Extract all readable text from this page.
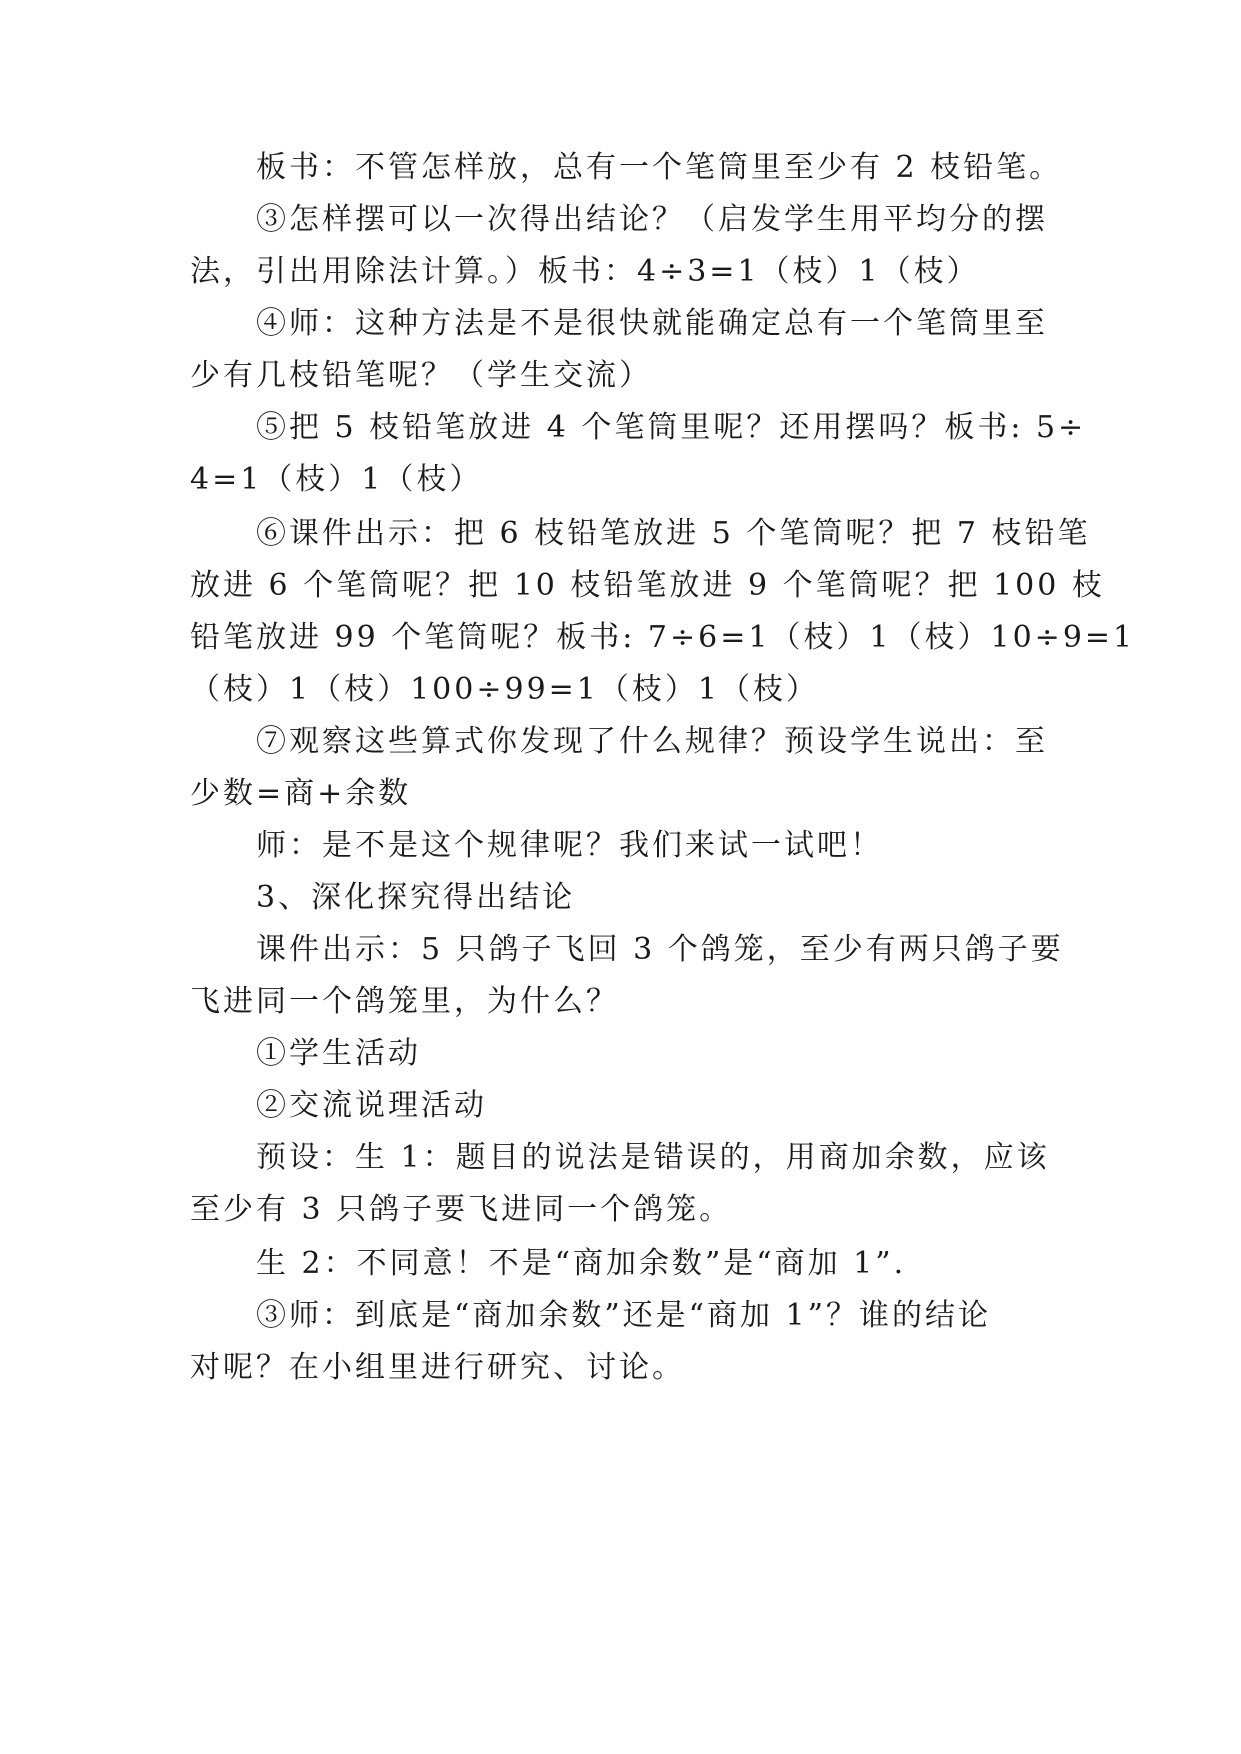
板书：不管怎样放，总有一个笔筒里至少有 2 枝铅笔。
③怎样摆可以一次得出结论？（启发学生用平均分的摆
法，引出用除法计算。）板书：4÷3=1（枝）1（枝）
④师：这种方法是不是很快就能确定总有一个笔筒里至
少有几枝铅笔呢？（学生交流）
⑤把 5 枝铅笔放进 4 个笔筒里呢？还用摆吗？板书: 5÷
4=1（枝）1（枝）
⑥课件出示：把 6 枝铅笔放进 5 个笔筒呢？把 7 枝铅笔
放进 6 个笔筒呢？把 10 枝铅笔放进 9 个笔筒呢？把 100 枝
铅笔放进 99 个笔筒呢？板书: 7÷6=1（枝）1（枝）10÷9=1
（枝）1（枝）100÷99=1（枝）1（枝）
⑦观察这些算式你发现了什么规律？预设学生说出：至
少数=商+余数
师：是不是这个规律呢？我们来试一试吧！
3、深化探究得出结论
课件出示：5 只鸽子飞回 3 个鸽笼，至少有两只鸽子要
飞进同一个鸽笼里，为什么？
①学生活动
②交流说理活动
预设：生 1：题目的说法是错误的，用商加余数，应该
至少有 3 只鸽子要飞进同一个鸽笼。
生 2：不同意！不是“商加余数”是“商加 1”.
③师：到底是“商加余数”还是“商加 1”？谁的结论
对呢？在小组里进行研究、讨论。
